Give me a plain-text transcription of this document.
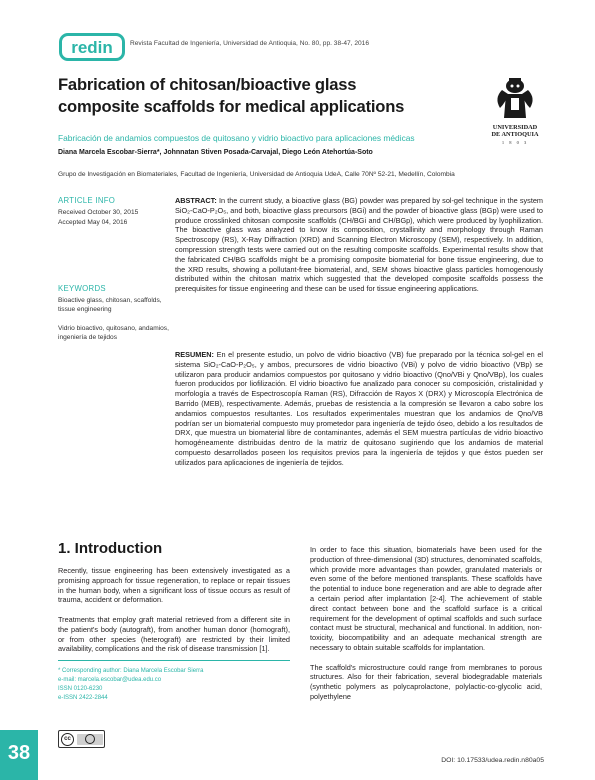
redin	Revista Facultad de Ingeniería, Universidad de Antioquia, No. 80, pp. 38-47, 2016
Fabrication of chitosan/bioactive glass
composite scaffolds for medical applications
UNIVERSIDAD
DE ANTIOQUIA
1 8 0 3
Fabricación de andamios compuestos de quitosano y vidrio bioactivo para aplicaciones médicas
Diana Marcela Escobar-Sierra*, Johnnatan Stiven Posada-Carvajal, Diego León Atehortúa-Soto
Grupo de Investigación en Biomateriales, Facultad de Ingeniería, Universidad de Antioquia UdeA, Calle 70Nº 52-21, Medellín, Colombia
ARTICLE INFO
Received October 30, 2015
Accepted May 04, 2016
KEYWORDS
Bioactive glass, chitosan, scaffolds, tissue engineering
Vidrio bioactivo, quitosano, andamios, ingeniería de tejidos
ABSTRACT: In the current study, a bioactive glass (BG) powder was prepared by sol-gel technique in the system SiO₂-CaO-P₂O₅, and both, bioactive glass precursors (BGi) and the powder of bioactive glass (BGp) were used to produce crosslinked chitosan composite scaffolds (CH/BGi and CH/BGp), which were produced by lyophilization. The bioactive glass was analyzed to know its composition, crystallinity and morphology through Raman Spectroscopy (RS), X-Ray Diffraction (XRD) and Scanning Electron Microscopy (SEM), respectively. In addition, compression strength tests were carried out on the resulting composite scaffolds. Experimental results show that the fabricated CH/BG scaffolds might be a promising composite biomaterial for bone tissue engineering, due to the XRD results, showing a pollutant-free biomaterial, and, SEM shows bioactive glass particles homogenously distributed within the chitosan matrix which suggested that the developed composite scaffolds possess the prerequisites for tissue engineering and these can be used for tissue engineering applications.
RESUMEN: En el presente estudio, un polvo de vidrio bioactivo (VB) fue preparado por la técnica sol-gel en el sistema SiO₂-CaO-P₂O₅, y ambos, precursores de vidrio bioactivo (VBi) y polvo de vidrio bioactivo (VBp) se utilizaron para producir andamios compuestos por quitosano y vidrio bioactivo (Qno/VBi y Qno/VBp), los cuales fueron producidos por liofilización. El vidrio bioactivo fue analizado para conocer su composición, cristalinidad y morfología a través de Espectroscopía Raman (RS), Difracción de Rayos X (DRX) y Microscopía Electrónica de Barrido (MEB), respectivamente. Además, pruebas de resistencia a la compresión se llevaron a cabo sobre los andamios compuestos resultantes. Los resultados experimentales muestran que los andamios de Qno/VB podrían ser un biomaterial compuesto muy prometedor para ingeniería de tejido óseo, debido a los resultados de DRX, que muestra un biomaterial libre de contaminantes, además el SEM muestra partículas de vidrio bioactivo homogéneamente distribuidas dentro de la matriz de quitosano sugiriendo que los andamios de material compuesto desarrollados poseen los requisitos previos para la ingeniería de tejidos y que éstos pueden ser utilizados para aplicaciones de ingeniería de tejidos.
1. Introduction

Recently, tissue engineering has been extensively investigated as a promising approach for tissue regeneration, to replace or repair tissues in the human body, when a significant loss of tissue occurs as result of trauma, accident or deformation.

Treatments that employ graft material retrieved from a different site in the patient's body (autograft), from another human donor (homograft), or from other species (heterograft) are restricted by their limited availability, complications and the risk of disease transmission [1].

In order to face this situation, biomaterials have been used for the production of three-dimensional (3D) structures, denominated scaffolds, which provide more advantages than powder, granulated materials or even some of the before mentioned transplants. These scaffolds have the potential to induce bone regeneration and are able to degrade after a certain period after implantation [2-4]. The achievement of stable direct contact between bone and the scaffold surface is a critical requirement for the development of optimal scaffolds and such surface contact must be structural, mechanical and functional. In addition, non-toxicity, biocompatibility and an adequate mechanical strength are necessary to obtain suitable scaffolds for implantation.

The scaffold's microstructure could range from membranes to porous structures. Also for their fabrication, several biodegradable materials (synthetic polymers as polycaprolactone, polylactic-co-glycolic acid, polyethylene

* Corresponding author: Diana Marcela Escobar Sierra
e-mail: marcela.escobar@udea.edu.co
ISSN 0120-6230
e-ISSN 2422-2844
38
cc
DOI: 10.17533/udea.redin.n80a05
